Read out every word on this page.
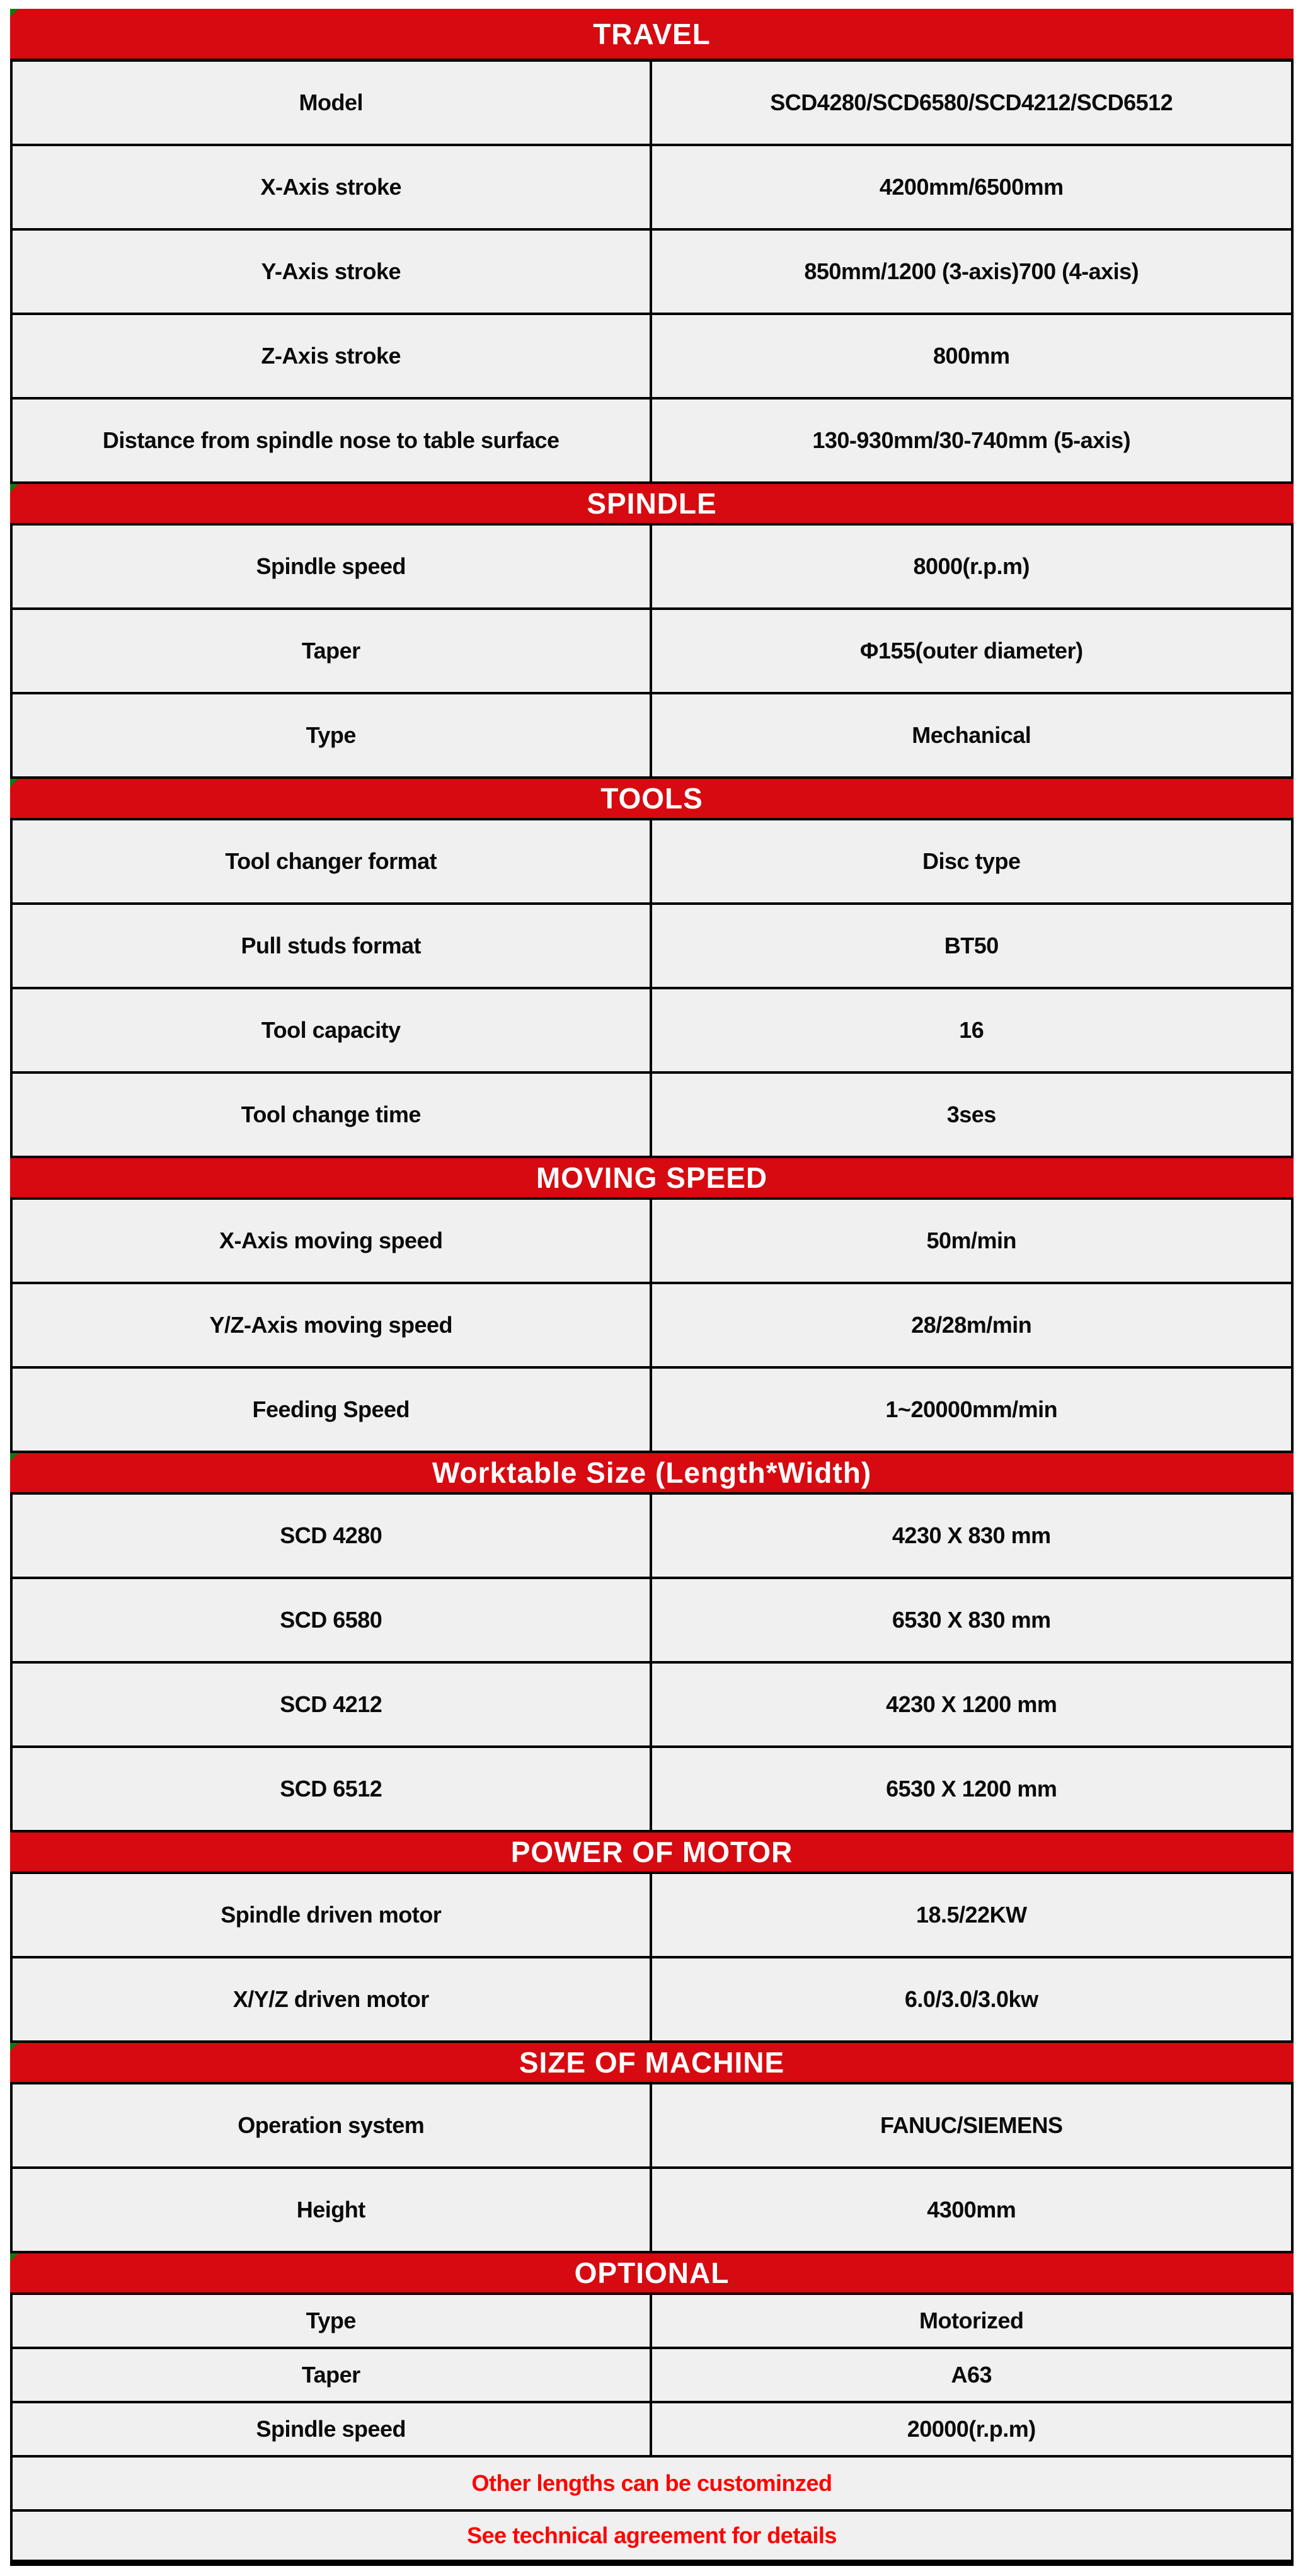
TRAVEL
Model	SCD4280/SCD6580/SCD4212/SCD6512
X-Axis stroke	4200mm/6500mm
Y-Axis stroke	850mm/1200 (3-axis)700 (4-axis)
Z-Axis stroke	800mm
Distance from spindle nose to table surface	130-930mm/30-740mm (5-axis)
SPINDLE
Spindle speed	8000(r.p.m)
Taper	Φ155(outer diameter)
Type	Mechanical
TOOLS
Tool changer format	Disc type
Pull studs format	BT50
Tool capacity	16
Tool change time	3ses
MOVING SPEED
X-Axis moving speed	50m/min
Y/Z-Axis moving speed	28/28m/min
Feeding Speed	1~20000mm/min
Worktable Size (Length*Width)
SCD 4280	4230 X 830 mm
SCD 6580	6530 X 830 mm
SCD 4212	4230 X 1200 mm
SCD 6512	6530 X 1200 mm
POWER OF MOTOR
Spindle driven motor	18.5/22KW
X/Y/Z driven motor	6.0/3.0/3.0kw
SIZE OF MACHINE
Operation system	FANUC/SIEMENS
Height	4300mm
OPTIONAL
Type	Motorized
Taper	A63
Spindle speed	20000(r.p.m)
Other lengths can be custominzed
See technical agreement for details
